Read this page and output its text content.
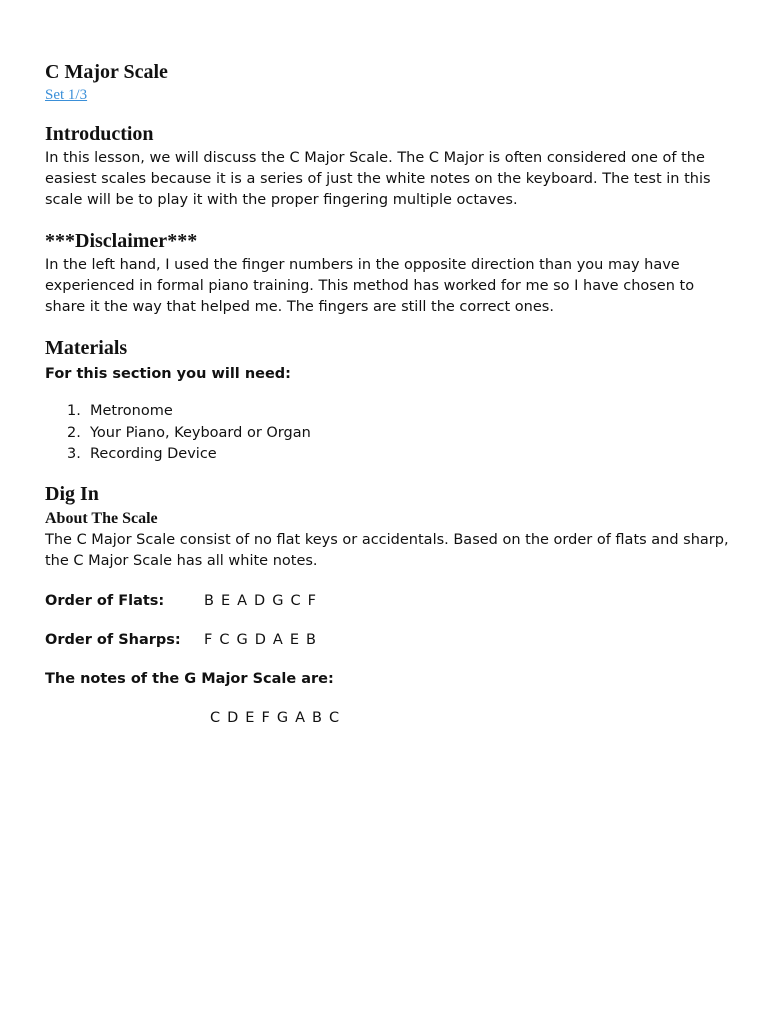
C Major Scale
Set 1/3
Introduction

In this lesson, we will discuss the C Major Scale. The C Major is often considered one of the easiest scales because it is a series of just the white notes on the keyboard. The test in this scale will be to play it with the proper fingering multiple octaves.

***Disclaimer***

In the left hand, I used the finger numbers in the opposite direction than you may have experienced in formal piano training. This method has worked for me so I have chosen to share it the way that helped me. The fingers are still the correct ones.

Materials

For this section you will need:

1. Metronome
2. Your Piano, Keyboard or Organ
3. Recording Device
Dig In
About The Scale

The C Major Scale consist of no flat keys or accidentals. Based on the order of flats and sharp, the C Major Scale has all white notes.

Order of Flats:	B E A D G C F
Order of Sharps: F C G D A E B
The notes of the G Major Scale are:
C D E F G A B C
